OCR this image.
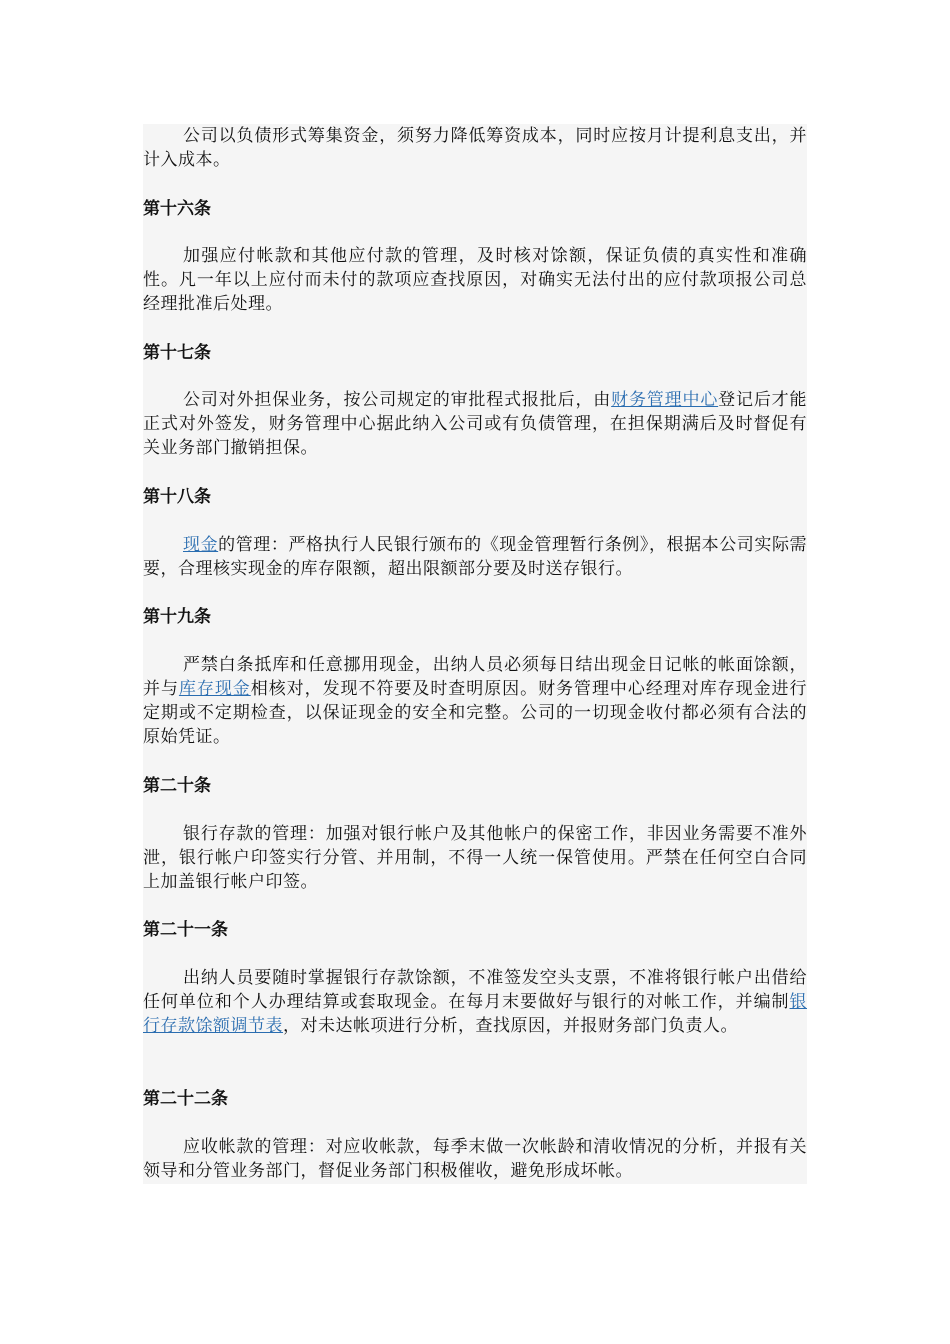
公司以负债形式筹集资金，须努力降低筹资成本，同时应按月计提利息支出，并计入成本。

第十六条

加强应付帐款和其他应付款的管理，及时核对馀额，保证负债的真实性和准确性。凡一年以上应付而未付的款项应查找原因，对确实无法付出的应付款项报公司总经理批准后处理。

第十七条

公司对外担保业务，按公司规定的审批程式报批后，由财务管理中心登记后才能正式对外签发，财务管理中心据此纳入公司或有负债管理，在担保期满后及时督促有关业务部门撤销担保。

第十八条

现金的管理：严格执行人民银行颁布的《现金管理暂行条例》，根据本公司实际需要，合理核实现金的库存限额，超出限额部分要及时送存银行。

第十九条

严禁白条抵库和任意挪用现金，出纳人员必须每日结出现金日记帐的帐面馀额，并与库存现金相核对，发现不符要及时查明原因。财务管理中心经理对库存现金进行定期或不定期检查，以保证现金的安全和完整。公司的一切现金收付都必须有合法的原始凭证。

第二十条

银行存款的管理：加强对银行帐户及其他帐户的保密工作，非因业务需要不准外泄，银行帐户印签实行分管、并用制，不得一人统一保管使用。严禁在任何空白合同上加盖银行帐户印签。

第二十一条

出纳人员要随时掌握银行存款馀额，不准签发空头支票，不准将银行帐户出借给任何单位和个人办理结算或套取现金。在每月末要做好与银行的对帐工作，并编制银行存款馀额调节表，对未达帐项进行分析，查找原因，并报财务部门负责人。

第二十二条

应收帐款的管理：对应收帐款，每季末做一次帐龄和清收情况的分析，并报有关领导和分管业务部门，督促业务部门积极催收，避免形成坏帐。
